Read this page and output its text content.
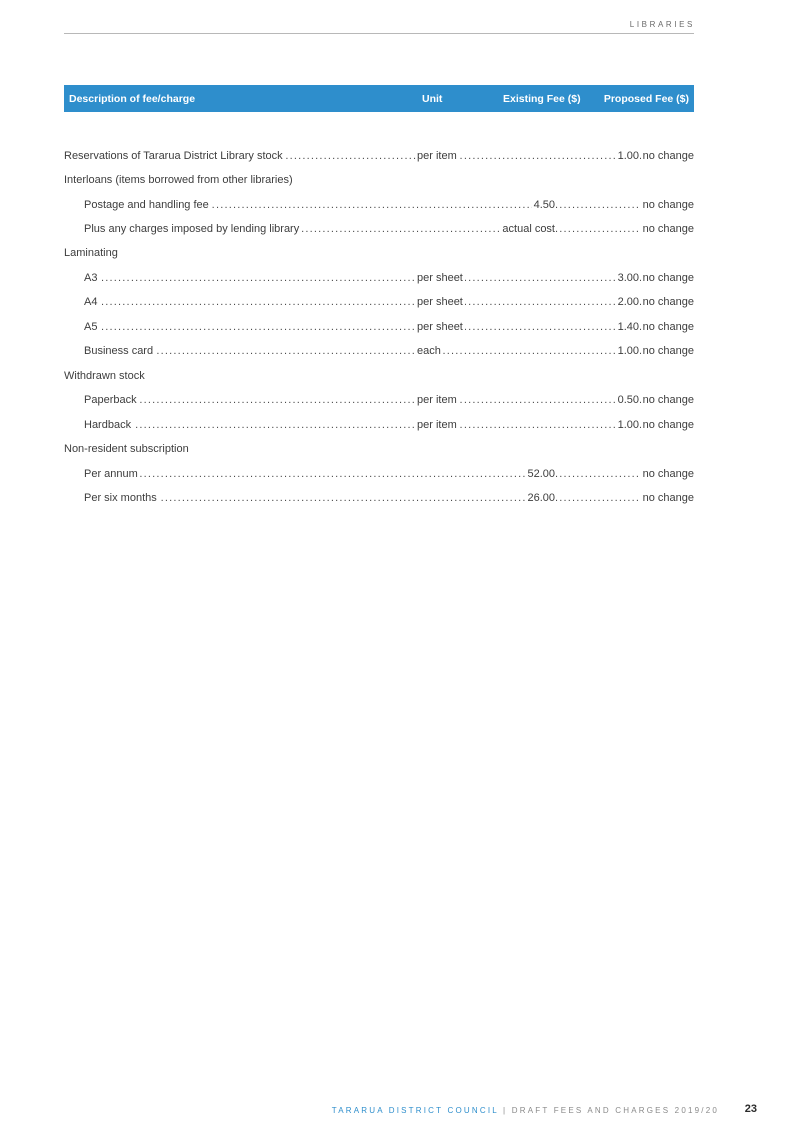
LIBRARIES
Description of fee/charge	Unit	Existing Fee ($) Proposed Fee ($)
..... Reservations of Tararua District Library stock	..... per item	1.00 ..... no change
Interloans (items borrowed from other libraries)
..... Postage and handling fee	4.50	..... no change
..... Plus any charges imposed by lending library	actual cost	..... no change
Laminating
..... A3	..... per sheet	3.00 ..... no change
..... A4	..... per sheet	2.00 ..... no change
..... A5	..... per sheet	1.40 ..... no change
..... Business card	..... each	1.00 ..... no change
Withdrawn stock
..... Paperback	..... per item	0.50 ..... no change
..... Hardback	..... per item	1.00 ..... no change
Non-resident subscription
..... Per annum	52.00	..... no change
..... Per six months	26.00	..... no change
TARARUA DISTRICT COUNCIL | DRAFT FEES AND CHARGES 2019/20 23
